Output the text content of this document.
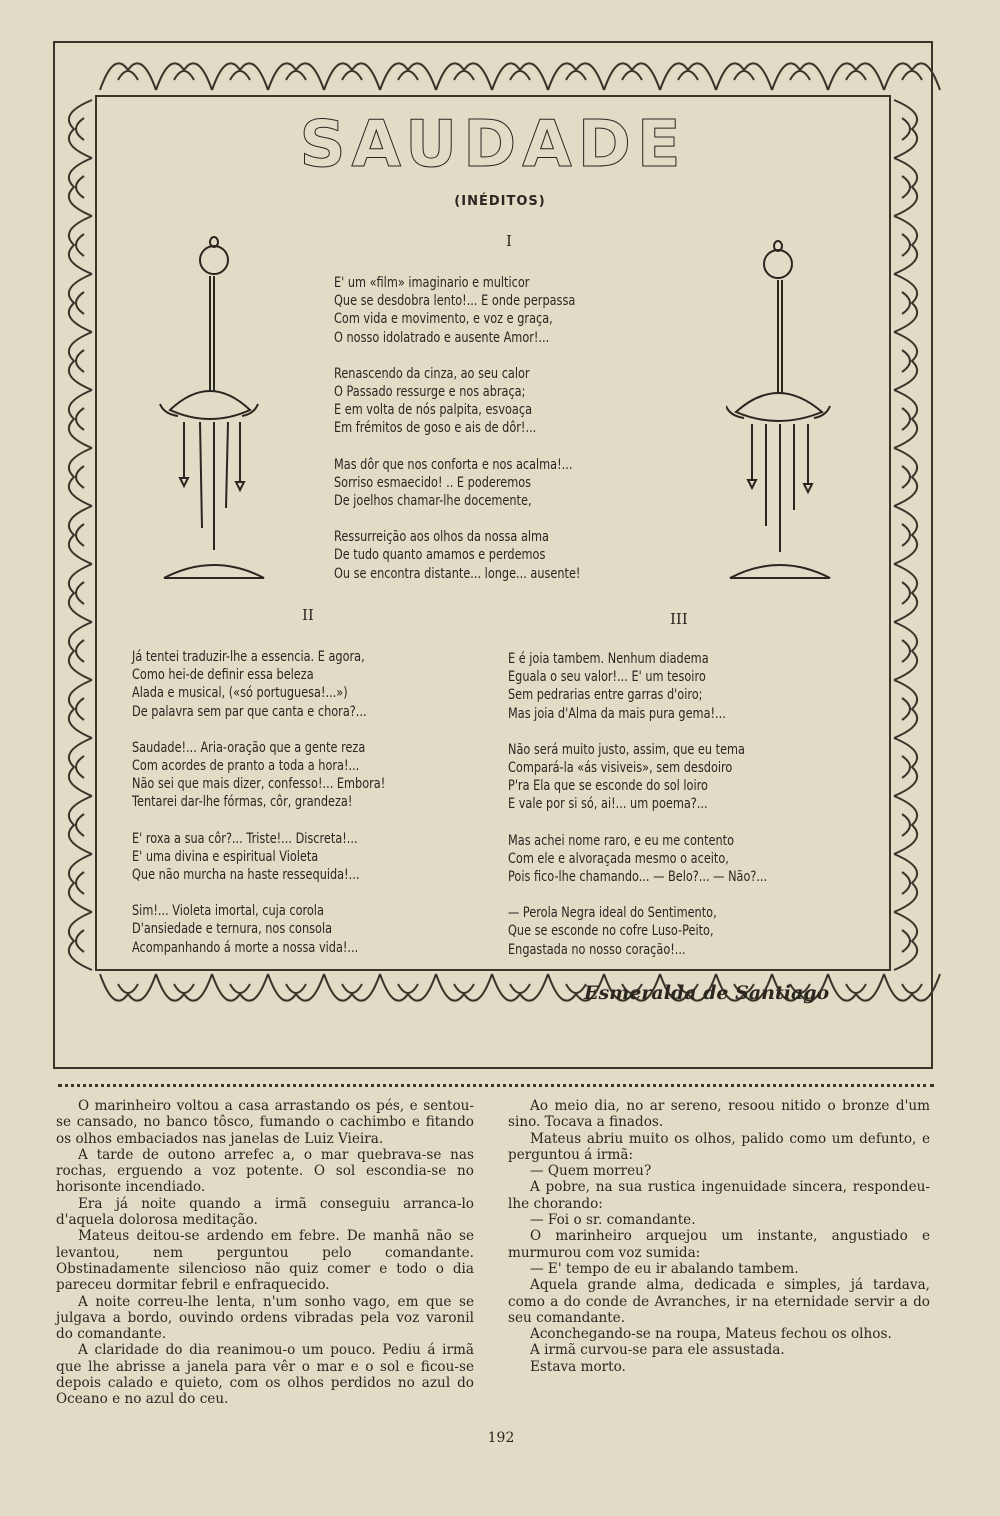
SAUDADE
(INÉDITOS)
I
II	III
E' um «film» imaginario e multicor
Que se desdobra lento!... E onde perpassa
Com vida e movimento, e voz e graça,
O nosso idolatrado e ausente Amor!...
Renascendo da cinza, ao seu calor
O Passado ressurge e nos abraça;
E em volta de nós palpita, esvoaça
Em frémitos de goso e ais de dôr!...
Mas dôr que nos conforta e nos acalma!...
Sorriso esmaecido! .. E poderemos
De joelhos chamar-lhe docemente,
Ressurreição aos olhos da nossa alma
De tudo quanto amamos e perdemos
Ou se encontra distante... longe... ausente!
Já tentei traduzir-lhe a essencia. E agora,
Como hei-de definir essa beleza
Alada e musical, («só portuguesa!...»)
De palavra sem par que canta e chora?...
Saudade!... Aria-oração que a gente reza
Com acordes de pranto a toda a hora!...
Não sei que mais dizer, confesso!... Embora!
Tentarei dar-lhe fórmas, côr, grandeza!
E' roxa a sua côr?... Triste!... Discreta!...
E' uma divina e espiritual Violeta
Que não murcha na haste ressequida!...
Sim!... Violeta imortal, cuja corola
D'ansiedade e ternura, nos consola
Acompanhando á morte a nossa vida!...
E é joia tambem. Nenhum diadema
Eguala o seu valor!... E' um tesoiro
Sem pedrarias entre garras d'oiro;
Mas joia d'Alma da mais pura gema!...
Não será muito justo, assim, que eu tema
Compará-la «ás visiveis», sem desdoiro
P'ra Ela que se esconde do sol loiro
E vale por si só, ai!... um poema?...
Mas achei nome raro, e eu me contento
Com ele e alvoraçada mesmo o aceito,
Pois fico-lhe chamando... — Belo?... — Não?...
— Perola Negra ideal do Sentimento,
Que se esconde no cofre Luso-Peito,
Engastada no nosso coração!...
Esmeralda de Santiago

O marinheiro voltou a casa arrastando os pés, e sentou-se cansado, no banco tôsco, fumando o cachimbo e fitando os olhos embaciados nas janelas de Luiz Vieira.

A tarde de outono arrefec a, o mar quebrava-se nas rochas, erguendo a voz potente. O sol escondia-se no horisonte incendiado.

Era já noite quando a irmã conseguiu arranca-lo d'aquela dolorosa meditação.

Mateus deitou-se ardendo em febre. De manhã não se levantou, nem perguntou pelo comandante. Obstinadamente silencioso não quiz comer e todo o dia pareceu dormitar febril e enfraquecido.

A noite correu-lhe lenta, n'um sonho vago, em que se julgava a bordo, ouvindo ordens vibradas pela voz varonil do comandante.

A claridade do dia reanimou-o um pouco. Pediu á irmã que lhe abrisse a janela para vêr o mar e o sol e ficou-se depois calado e quieto, com os olhos perdidos no azul do Oceano e no azul do ceu.

Ao meio dia, no ar sereno, resoou nitido o bronze d'um sino. Tocava a finados.

Mateus abriu muito os olhos, palido como um defunto, e perguntou á irmã:

— Quem morreu?

A pobre, na sua rustica ingenuidade sincera, respondeu-lhe chorando:

— Foi o sr. comandante.

O marinheiro arquejou um instante, angustiado e murmurou com voz sumida:

— E' tempo de eu ir abalando tambem.

Aquela grande alma, dedicada e simples, já tardava, como a do conde de Avranches, ir na eternidade servir a do seu comandante.

Aconchegando-se na roupa, Mateus fechou os olhos.

A irmã curvou-se para ele assustada.

Estava morto.

192
